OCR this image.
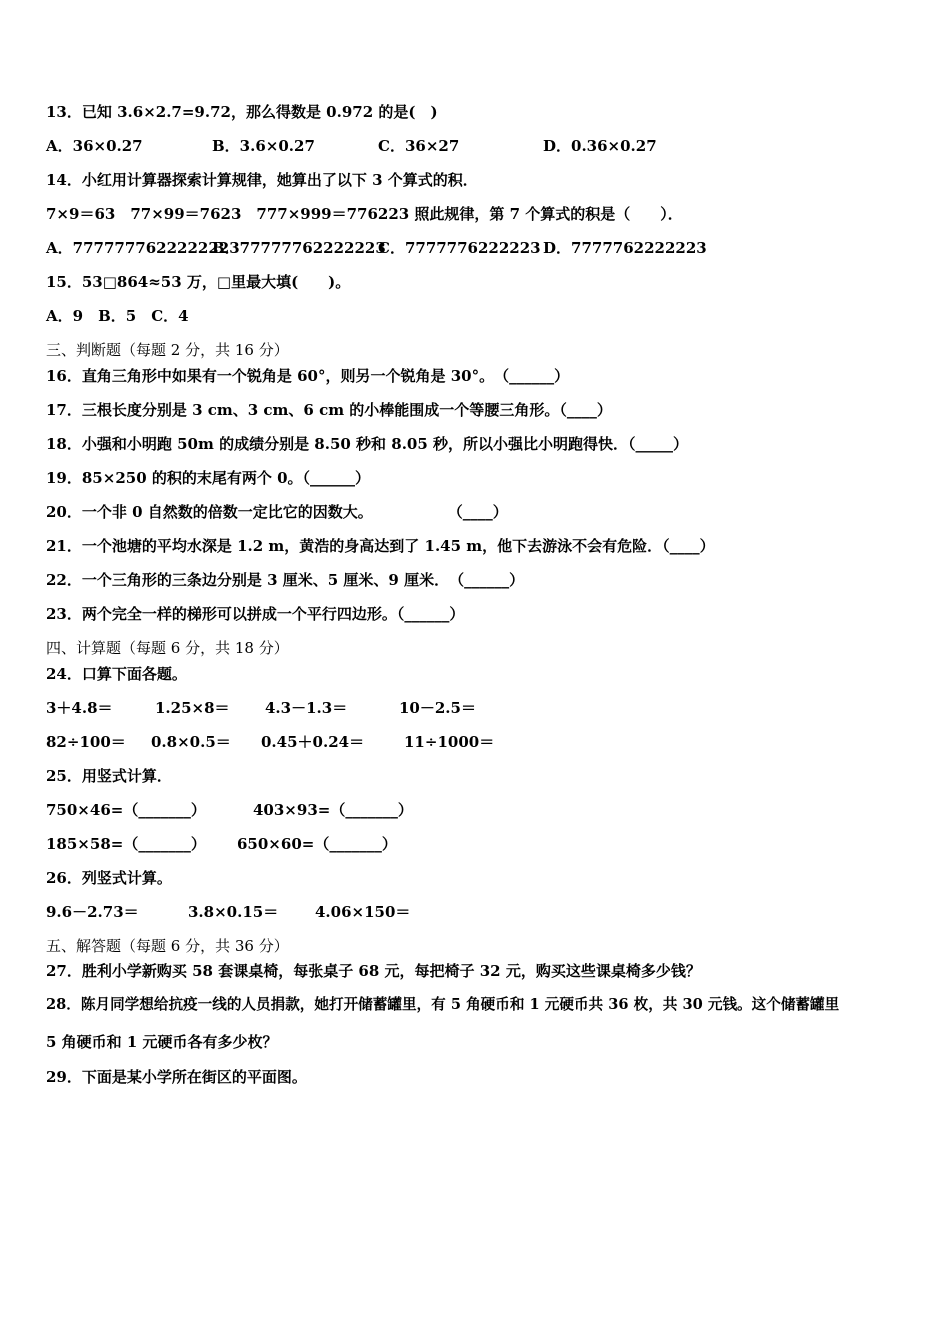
13．已知 3.6×2.7=9.72，那么得数是 0.972 的是(　)
A．36×0.27	B．3.6×0.27	C．36×27	D．0.36×0.27
14．小红用计算器探索计算规律，她算出了以下 3 个算式的积．
7×9＝63　77×99＝7623　777×999＝776223 照此规律，第 7 个算式的积是（　　）．
A．7777777622222223
B．77777762222223
C．7777776222223 D．7777762222223
15．53□864≈53 万，□里最大填(　　)。
A．9　B．5　C．4
三、判断题（每题 2 分，共 16 分）
16．直角三角形中如果有一个锐角是 60°，则另一个锐角是 30°。　（______）
17．三根长度分别是 3 cm、3 cm、6 cm 的小棒能围成一个等腰三角形。（____）
18．小强和小明跑 50m 的成绩分别是 8.50 秒和 8.05 秒，所以小强比小明跑得快．（_____）
19．85×250 的积的末尾有两个 0。（______）
20．一个非 0 自然数的倍数一定比它的因数大。　　　　　　（____）
21．一个池塘的平均水深是 1.2 m，黄浩的身高达到了 1.45 m，他下去游泳不会有危险．（____）
22．一个三角形的三条边分别是 3 厘米、5 厘米、9 厘米．　（______）
23．两个完全一样的梯形可以拼成一个平行四边形。（______）
四、计算题（每题 6 分，共 18 分）
24．口算下面各题。
3＋4.8＝	1.25×8＝ 4.3－1.3＝	10－2.5＝
82÷100＝ 0.8×0.5＝ 0.45＋0.24＝	11÷1000＝
25．用竖式计算．
750×46=（_______）	403×93=（_______）
185×58=（_______） 650×60=（_______）
26．列竖式计算。
9.6－2.73＝	3.8×0.15＝ 4.06×150＝
五、解答题（每题 6 分，共 36 分）
27．胜利小学新购买 58 套课桌椅，每张桌子 68 元，每把椅子 32 元，购买这些课桌椅多少钱？
28．陈月同学想给抗疫一线的人员捐款，她打开储蓄罐里，有 5 角硬币和 1 元硬币共 36 枚，共 30 元钱。这个储蓄罐里
5 角硬币和 1 元硬币各有多少枚？
29．下面是某小学所在街区的平面图。
